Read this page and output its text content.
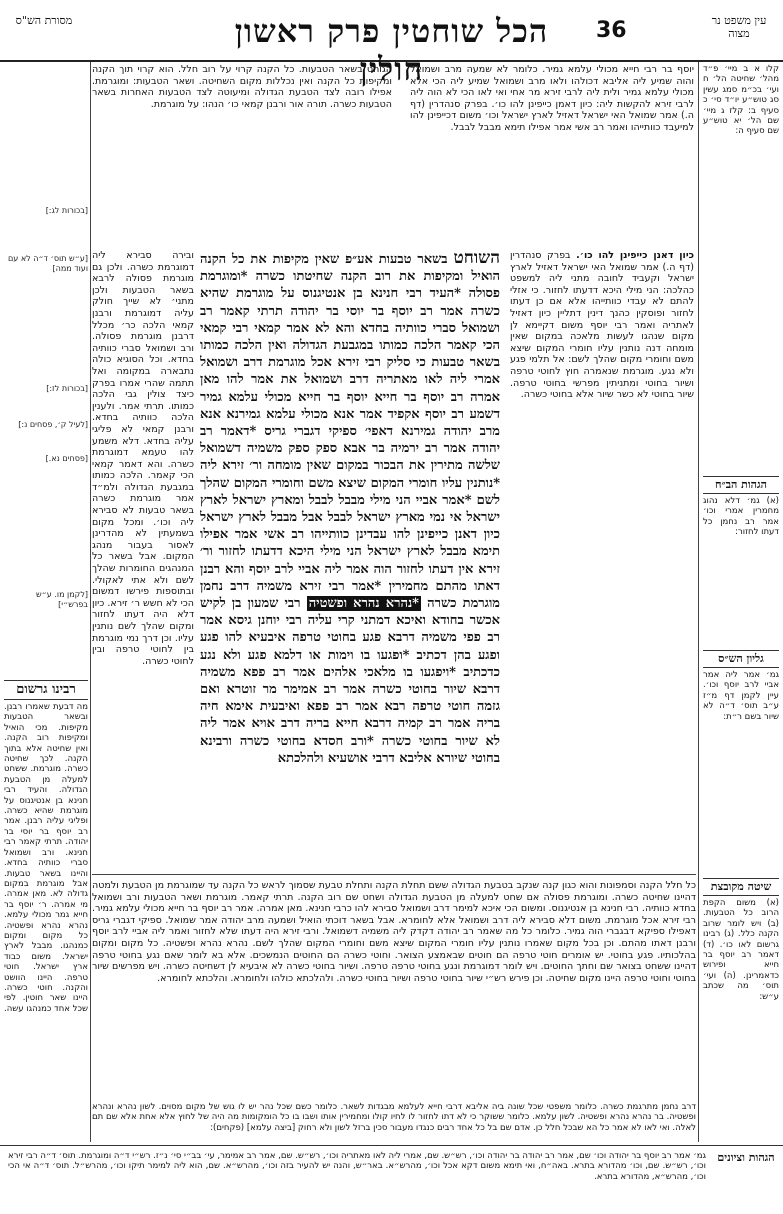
הכל שוחטין פרק ראשון חולין
36	עין משפט נר מצוה
מסורת הש"ס
קלו א ב מיי׳ פ״ד מהל׳ שחיטה הל׳ ח ועי׳ בכ״מ סמג עשין סג טוש״ע יו״ד סי׳ כ סעיף ב: קלז ג מיי׳ שם הל׳ יא טוש״ע שם סעיף ה:
יוסף בר רבי חייא מכולי עלמא גמיר. כלומר לא שמעה מרב ושמואל והוה שמיע ליה אליבא דכולהו ולאו מרב ושמואל שמיע ליה הכי אלא מכולי עלמא גמיר ולית ליה לרבי זירא מר אחי ואי לאו הכי לא הוה ליה לרבי זירא להקשות ליה: כיון דאמן כייפינן להו כו׳. בפרק סנהדרין (דף ה.) אמר שמואל האי ישראל דאזיל לארץ ישראל וכו׳ משום דכייפינן להו למיעבד כוותייהו ואמר רב אשי אמר אפילו תימא מבבל לבבל.
הגוחט בשאר הטבעות. כל הקנה קרוי על רוב חלל. הוא קרוי תוך הקנה ומקיפות כל הקנה ואין נכללות מקום השחיטה. ושאר הטבעות: ומוגרמת. אפילו רובה לצד הטבעת הגדולה ומיעוטה לצד הטבעות האחרות בשאר הטבעות כשרה. תורה אור ורבנן קמאי כו׳ הנהו: על מוגרמת.
השוחט בשאר טבעות אע״פ שאין מקיפות את כל הקנה הואיל ומקיפות את רוב הקנה שחיטתו כשרה *ומוגרמת פסולה *העיד רבי חנינא בן אנטיגנוס על מוגרמת שהיא כשרה אמר רב יוסף בר יוסי בר יהודה תרתי קאמר רב ושמואל סברי כוותיה בחדא והא לא אמר קמאי רבי קמאי הכי קאמר הלכה כמותו במגבעת הגדולה ואין הלכה כמותו בשאר טבעות כי סליק רבי זירא אכל מוגרמת דרב ושמואל אמרי ליה לאו מאתריה דרב ושמואל את אמר להו מאן אמרה רב יוסף בר חייא יוסף בר חייא מכולי עלמא גמיר דשמע רב יוסף אקפיד אמר אנא מכולי עלמא גמירנא אנא מרב יהודה גמירנא דאפי׳ ספיקי דגברי גריס *דאמר רב יהודה אמר רב ירמיה בר אבא ספק ספק משמיה דשמואל שלשה מתירין את הבכור במקום שאין מומחה ור׳ זירא ליה *נותנין עליו חומרי המקום שיצא משם וחומרי המקום שהלך לשם *אמר אביי הני מילי מבבל לבבל ומארץ ישראל לארץ ישראל אי נמי מארץ ישראל לבבל אבל מבבל לארץ ישראל כיון דאנן כייפינן להו עבדינן כוותייהו רב אשי אמר אפילו תימא מבבל לארץ ישראל הני מילי היכא דדעתו לחזור ור׳ זירא אין דעתו לחזור הוה אמר ליה אביי לרב יוסף והא רבנן דאתו מהתם מחמירין *אמר רבי זירא משמיה דרב נחמן מוגרמת כשרה *נהרא נהרא ופשטיה רבי שמעון בן לקיש אכשר בחודא ואיכא דמתני קרי עליה רבי יוחנן גיסא אמר רב פפי משמיה דרבא פגע בחוטי טרפה איבעיא להו פגע ופגע בהן דכתיב *ופגעו בו וימות או דלמא פגע ולא נגע כדכתיב *ויפגעו בו מלאכי אלהים אמר רב פפא משמיה דרבא שיור בחוטי כשרה אמר רב אמימר מר זוטרא ואם גזמה חוטי טרפה רבא אמר רב פפא ואיבעית אימא חיה בריה אמר רב קמיה דרבא חייא בריה דרב אויא אמר ליה לא שיור בחוטי כשרה *ורב חסדא בחוטי כשרה ורבינא בחוטי שיורא אליבא דרבי אושעיא ולהלכתא
כיון דאנן כייפינן להו כו׳. בפרק סנהדרין (דף ה.) אמר שמואל האי ישראל דאזיל לארץ ישראל וקעביד לחובה מתני ליה למשפט כהלכה: הני מילי היכא דדעתו לחזור. כי אזלי להתם לא עבדי כוותייהו אלא אם כן דעתו לחזור ופוסקין כהנך דינין דתליין כיון דאזיל לאתריה ואמר רבי יוסף משום דקיימא לן מקום שנהגו לעשות מלאכה במקום שאין מומחה דנה נותנין עליו חומרי המקום שיצא משם וחומרי מקום שהלך לשם: אל תלמי פגע ולא נגע. מוגרמת שנאמרה חוץ לחוטי טרפה ושיור בחוטי ומתניתין מפרשי בחוטי טרפה. שיור בחוטי לא כשר שיור אלא בחוטי כשרה.
ובירה סבירא ליה דמוגרמת כשרה. ולכן גם מוגרמת פסולה לרבא בשאר הטבעות ולכן מתני׳ לא שייך חולק עליה דמוגרמת ורבנן קמאי הלכה כר׳ מכלל דרבנן מוגרמת פסולה. ורב ושמואל סברי כוותיה בחדא. וכל הסוגיא כולה נתבארה במקומה ואל תתמה שהרי אמרו בפרק כיצד צולין גבי הלכה כמותו. תרתי אמר. ולענין הלכה כוותיה בחדא. ורבנן קמאי לא פליגי עליה בחדא. דלא משמע להו טעמא דמוגרמת כשרה. והא דאמר קמאי הכי קאמר. הלכה כמותו במגבעת הגדולה ולמ״ד אמר מוגרמת כשרה בשאר טבעות לא סבירא ליה וכו׳. ומכל מקום בשמעתין לא מהדרינן לאסור בעבור מנהג המקום. אבל בשאר כל המנהגים החומרות שהלך לשם ולא אתי לאקולי. ובתוספות פירשו דמשום הכי לא חשש ר׳ זירא. כיון דלא היה דעתו לחזור ומקום שהלך לשם נותנין עליו. וכן דרך נמי מוגרמת בין לחוטי טרפה ובין לחוטי כשרה.
[בכורות לג:]
[ע״ש תוס׳ ד״ה לא עם ועוד ממה]
[בכורות לז:]
[לעיל ק׳, פסחים נ:]
[פסחים נא.]
[לקמן מו. ע״ש בפרש״י]
רבינו גרשום
מה דבעת שאמרו רבנן. ובשאר הטבעות מקיפות. מכי הואיל ומקיפות רוב הקנה. ואין שחיטה אלא בתוך הקנה. לכך שחיטה כשרה. מוגרמת. ששחט למעלה מן הטבעת הגדולה. והעיד רבי חנינא בן אנטיגנוס על מוגרמת שהיא כשרה. ופליגי עליה רבנן. אמר רב יוסף בר יוסי בר יהודה. תרתי קאמר רבי חנינא. ורב ושמואל סברי כוותיה בחדא. והיינו בשאר טבעות. אבל מוגרמת במקום גדולה לא. מאן אמרה. מי אמרה. ר׳ יוסף בר חייא גמר מכולי עלמא. נהרא נהרא ופשטיה. כל מקום ומקום כמנהגו. מבבל לארץ ישראל. משום כבוד ארץ ישראל. חוטי טרפה. היינו הוושט והקנה. חוטי כשרה. היינו שאר חוטין. לפי שכל אחד כמנהגו עשה.
הגהות הב״ח
(א) גמ׳ דלא נהוג מחמרין אמרי וכו׳ אמר רב נחמן כל דעתו לחזור:
גליון הש״ס
גמ׳ אמר ליה אמר אביי לרב יוסף וכו׳. עיין לקמן דף מ״ז ע״ב תוס׳ ד״ה לא שיור בשם ר״ת:
שיטה מקובצת
(א) משום הקפת הרוב כל הטבעות. (ב) ויש לומר שרוב הקנה כלל. (ג) רבינו גרשום לאו כו׳. (ד) דאמר רב יוסף בר חייא ופירוש כדאמרינן. (ה) ועי׳ תוס׳ מה שכתב ע״ש:
כל חלל הקנה וסמפונות והוא כגון קנה שנקב בטבעת הגדולה ששם תחלת הקנה ותחלת טבעת שסמוך לראש כל הקנה עד שמוגרמת מן הטבעת ולמטה דהיינו שחיטה כשרה. ומוגרמת פסולה אם שחט למעלה מן הטבעת הגדולה ושחט שם רוב הקנה. תרתי קאמר. מוגרמת ושאר הטבעות ורב ושמואל בחדא כוותיה. רבי חנינא בן אנטיגנוס. ומשום הכי איכא למימר דרב ושמואל סבירא להו כרבי חנינא. מאן אמרה. אמר רב יוסף בר חייא מכולי עלמא גמיר. רבי זירא אכל מוגרמת. משום דלא סבירא ליה דרב ושמואל אלא לחומרא. אבל בשאר דוכתי הואיל ושמעה מרב יהודה אמר שמואל. ספיקי דגברי גריס דאפילו ספיקא דבגברי הוה גמיר. כלומר כל מה שאמר רב יהודה דקדק ליה משמיה דשמואל. ורבי זירא היה דעתו שלא לחזור ואמר ליה אביי לרב יוסף ורבנן דאתו מהתם. וכן בכל מקום שאמרו נותנין עליו חומרי המקום שיצא משם וחומרי המקום שהלך לשם. נהרא נהרא ופשטיה. כל מקום ומקום בהלכותיו. פגע בחוטי. יש אומרים חוטי טרפה הם חוטים שבאמצע הצואר. וחוטי כשרה הם החוטים הנמשכים. אלא בא לומר שאם נגע בחוטי טרפה דהיינו ששחט בצואר שם וחתך החוטים. ויש לומר דמוגרמת ונגע בחוטי טרפה טרפה. ושיור בחוטי כשרה לא איבעיא לן דשחיטה כשרה. ויש מפרשים שיור בחוטי וחוטי טרפה היינו מקום שחיטה. וכן פירש רש״י שיור בחוטי טרפה ושיור בחוטי כשרה. ולהלכתא כולהו ולחומרא. והלכתא לחומרא.
דרב נחמן מתרגמת כשרה. כלומר משפטי שכל שונה ביה אליבא דרבי חייא לעלמא מבגדות לשאר. כלומר כשם שכל נהר יש לו גוש של מקום מסוים. לשון נהרא ונהרא ופשטיה. בר נהרא נהרא ופשטיה. לשון עלמא. כלומר ששוקר כי לא דתו לחזור לו לחיו קולו ומחמירין אותו ושבו בו כל הומקומות מה היה של לחוץ אלא אחת אלא שם תם לאלה. ואי לאו לא אמר כל הא שבכל חלל כן. אדם שם בל כל אחד רבים כנגדו מעבור סכין ברזל לשון ולא רחוק [ביצה עלמא] (פקחים):
הגהות וציונים
גמ׳ אמר רב יוסף בר יהודה וכו׳ שם, אמר רב יהודה בר יהודה וכו׳, רש״ש. שם, אמרי ליה לאו מאתריה וכו׳, רש״ש. שם, אמר רב אמימר, עי׳ בב״י סי׳ נ״ז. רש״י ד״ה ומוגרמת. תוס׳ ד״ה רבי זירא וכו׳, רש״ש. שם, וכו׳ מהדורא בתרא. באה״ח, ואי תימא משום דקא אכל וכו׳, מהרש״א. באר״ש, והנה יש להעיר בזה וכו׳, מהרש״א. שם, הוא ליה למימר תיקו וכו׳, מהרש״ל. תוס׳ ד״ה אי הכי וכו׳, מהרש״א, מהדורא בתרא.
